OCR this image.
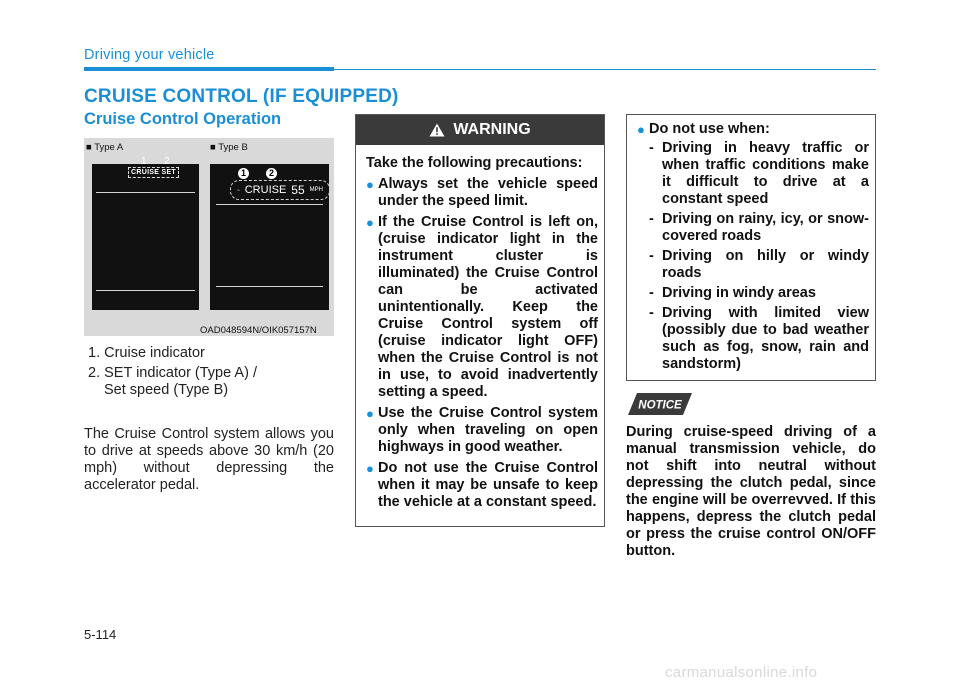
Driving your vehicle
CRUISE CONTROL (IF EQUIPPED)
Cruise Control Operation
■ Type A	■ Type B
1 2
CRUISE SET	1	2
CRUISE 55 MPH
OAD048594N/OIK057157N
1. Cruise indicator
2. SET indicator (Type A) /
Set speed (Type B)
The Cruise Control system allows you to drive at speeds above 30 km/h (20 mph) without depressing the accelerator pedal.
WARNING

Take the following precautions:

● Always set the vehicle speed under the speed limit.
● If the Cruise Control is left on, (cruise indicator light in the instrument cluster is illuminated) the Cruise Control can be activated unintentionally. Keep the Cruise Control system off (cruise indicator light OFF) when the Cruise Control is not in use, to avoid inadvertently setting a speed.
● Use the Cruise Control system only when traveling on open highways in good weather.
● Do not use the Cruise Control when it may be unsafe to keep the vehicle at a constant speed.
● Do not use when:
- Driving in heavy traffic or when traffic conditions make it difficult to drive at a constant speed
- Driving on rainy, icy, or snow-covered roads
- Driving on hilly or windy roads
- Driving in windy areas
- Driving with limited view (possibly due to bad weather such as fog, snow, rain and sandstorm)
NOTICE
During cruise-speed driving of a manual transmission vehicle, do not shift into neutral without depressing the clutch pedal, since the engine will be overrevved. If this happens, depress the clutch pedal or press the cruise control ON/OFF button.
5-114
carmanualsonline.info
